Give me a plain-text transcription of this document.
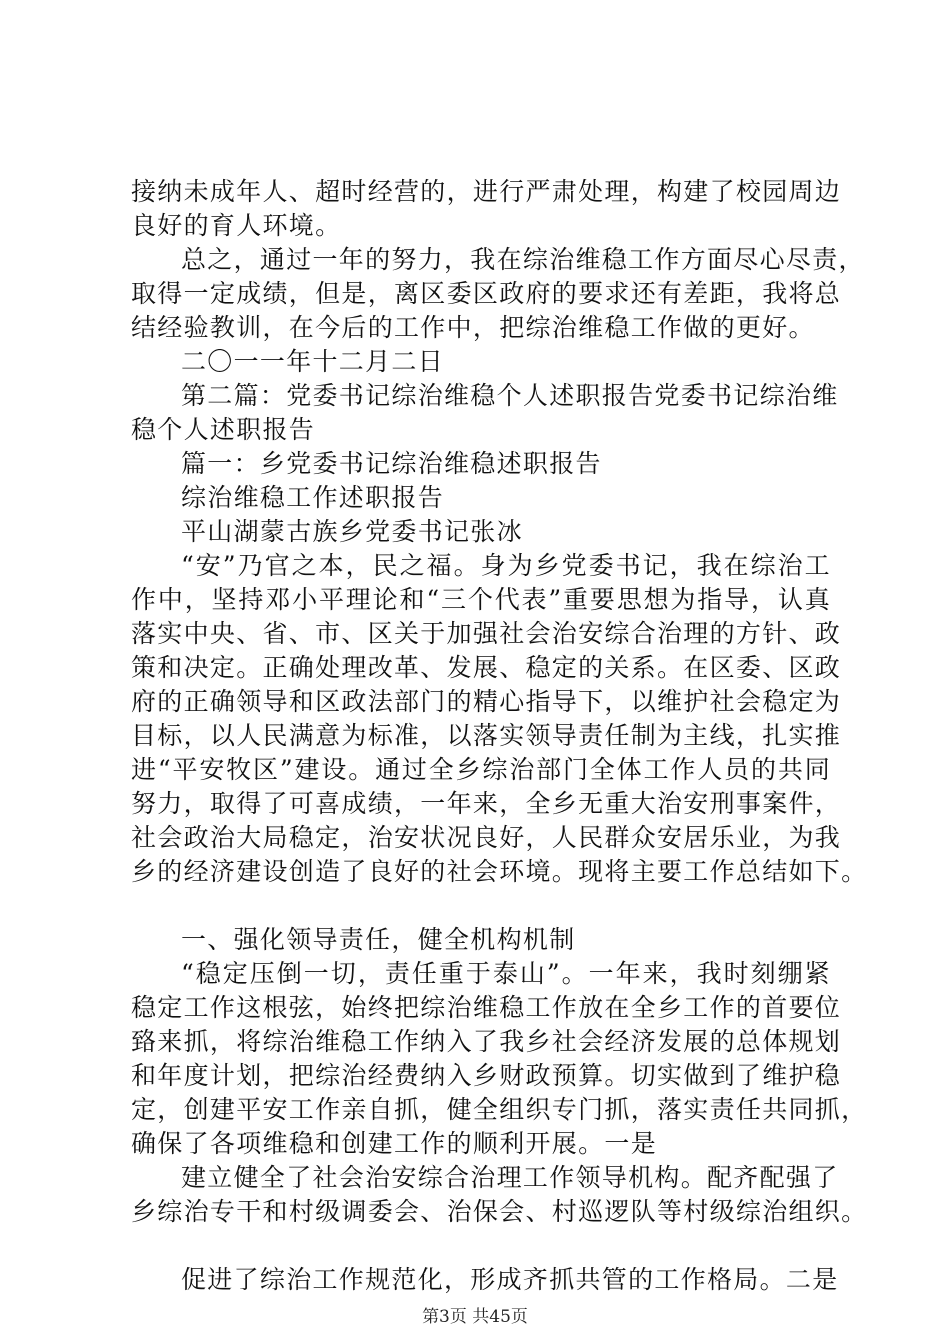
接纳未成年人、超时经营的，进行严肃处理，构建了校园周边
良好的育人环境。
总之，通过一年的努力，我在综治维稳工作方面尽心尽责，
取得一定成绩，但是，离区委区政府的要求还有差距，我将总
结经验教训，在今后的工作中，把综治维稳工作做的更好。
二〇一一年十二月二日
第二篇：党委书记综治维稳个人述职报告党委书记综治维
稳个人述职报告
篇一：乡党委书记综治维稳述职报告
综治维稳工作述职报告
平山湖蒙古族乡党委书记张冰
“安”乃官之本，民之福。身为乡党委书记，我在综治工
作中，坚持邓小平理论和“三个代表”重要思想为指导，认真
落实中央、省、市、区关于加强社会治安综合治理的方针、政
策和决定。正确处理改革、发展、稳定的关系。在区委、区政
府的正确领导和区政法部门的精心指导下，以维护社会稳定为
目标，以人民满意为标准，以落实领导责任制为主线，扎实推
进“平安牧区”建设。通过全乡综治部门全体工作人员的共同
努力，取得了可喜成绩，一年来，全乡无重大治安刑事案件，
社会政治大局稳定，治安状况良好，人民群众安居乐业，为我
乡的经济建设创造了良好的社会环境。现将主要工作总结如下。
一、强化领导责任，健全机构机制
“稳定压倒一切，责任重于泰山”。一年来，我时刻绷紧
稳定工作这根弦，始终把综治维稳工作放在全乡工作的首要位
臵来抓，将综治维稳工作纳入了我乡社会经济发展的总体规划
和年度计划，把综治经费纳入乡财政预算。切实做到了维护稳
定，创建平安工作亲自抓，健全组织专门抓，落实责任共同抓，
确保了各项维稳和创建工作的顺利开展。一是
建立健全了社会治安综合治理工作领导机构。配齐配强了
乡综治专干和村级调委会、治保会、村巡逻队等村级综治组织。
促进了综治工作规范化，形成齐抓共管的工作格局。二是
第3页 共45页
